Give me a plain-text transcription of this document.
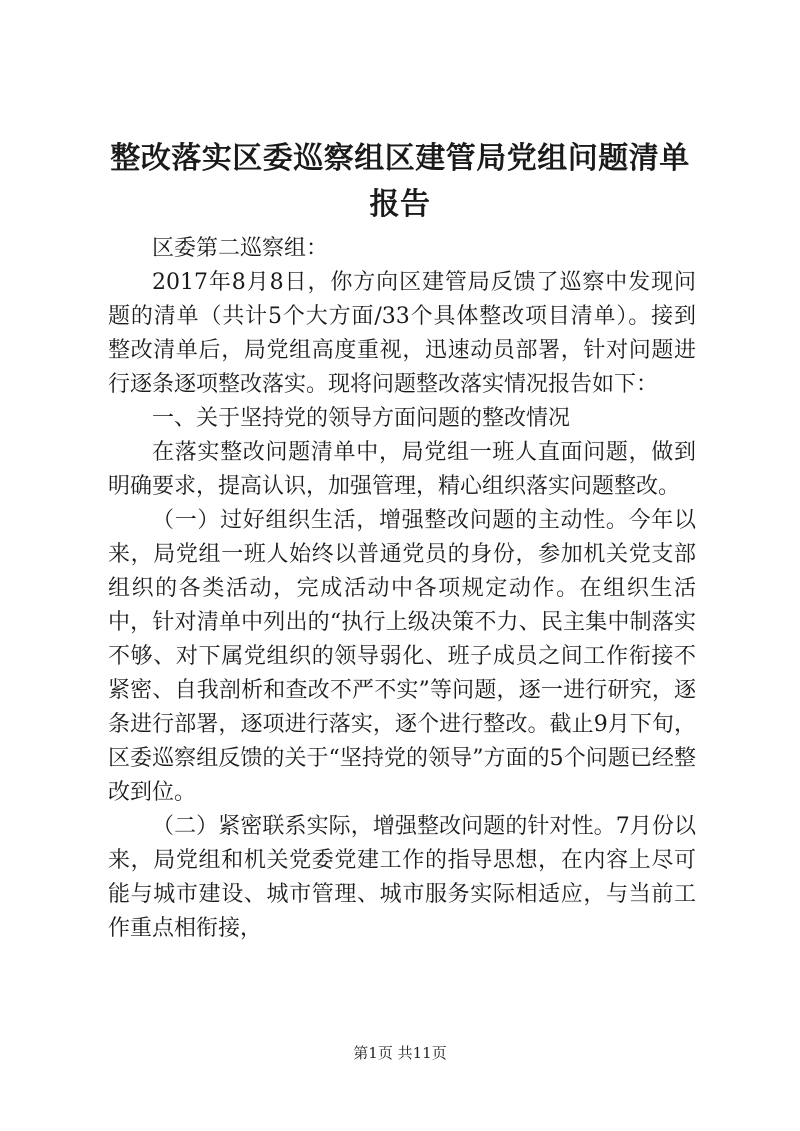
整改落实区委巡察组区建管局党组问题清单报告

区委第二巡察组：

2017年8月8日，你方向区建管局反馈了巡察中发现问题的清单（共计5个大方面/33个具体整改项目清单）。接到整改清单后，局党组高度重视，迅速动员部署，针对问题进行逐条逐项整改落实。现将问题整改落实情况报告如下：

一、关于坚持党的领导方面问题的整改情况

在落实整改问题清单中，局党组一班人直面问题，做到明确要求，提高认识，加强管理，精心组织落实问题整改。

（一）过好组织生活，增强整改问题的主动性。今年以来，局党组一班人始终以普通党员的身份，参加机关党支部组织的各类活动，完成活动中各项规定动作。在组织生活中，针对清单中列出的“执行上级决策不力、民主集中制落实不够、对下属党组织的领导弱化、班子成员之间工作衔接不紧密、自我剖析和查改不严不实”等问题，逐一进行研究，逐条进行部署，逐项进行落实，逐个进行整改。截止9月下旬，区委巡察组反馈的关于“坚持党的领导”方面的5个问题已经整改到位。

（二）紧密联系实际，增强整改问题的针对性。7月份以来，局党组和机关党委党建工作的指导思想，在内容上尽可能与城市建设、城市管理、城市服务实际相适应，与当前工作重点相衔接，

第1页 共11页
